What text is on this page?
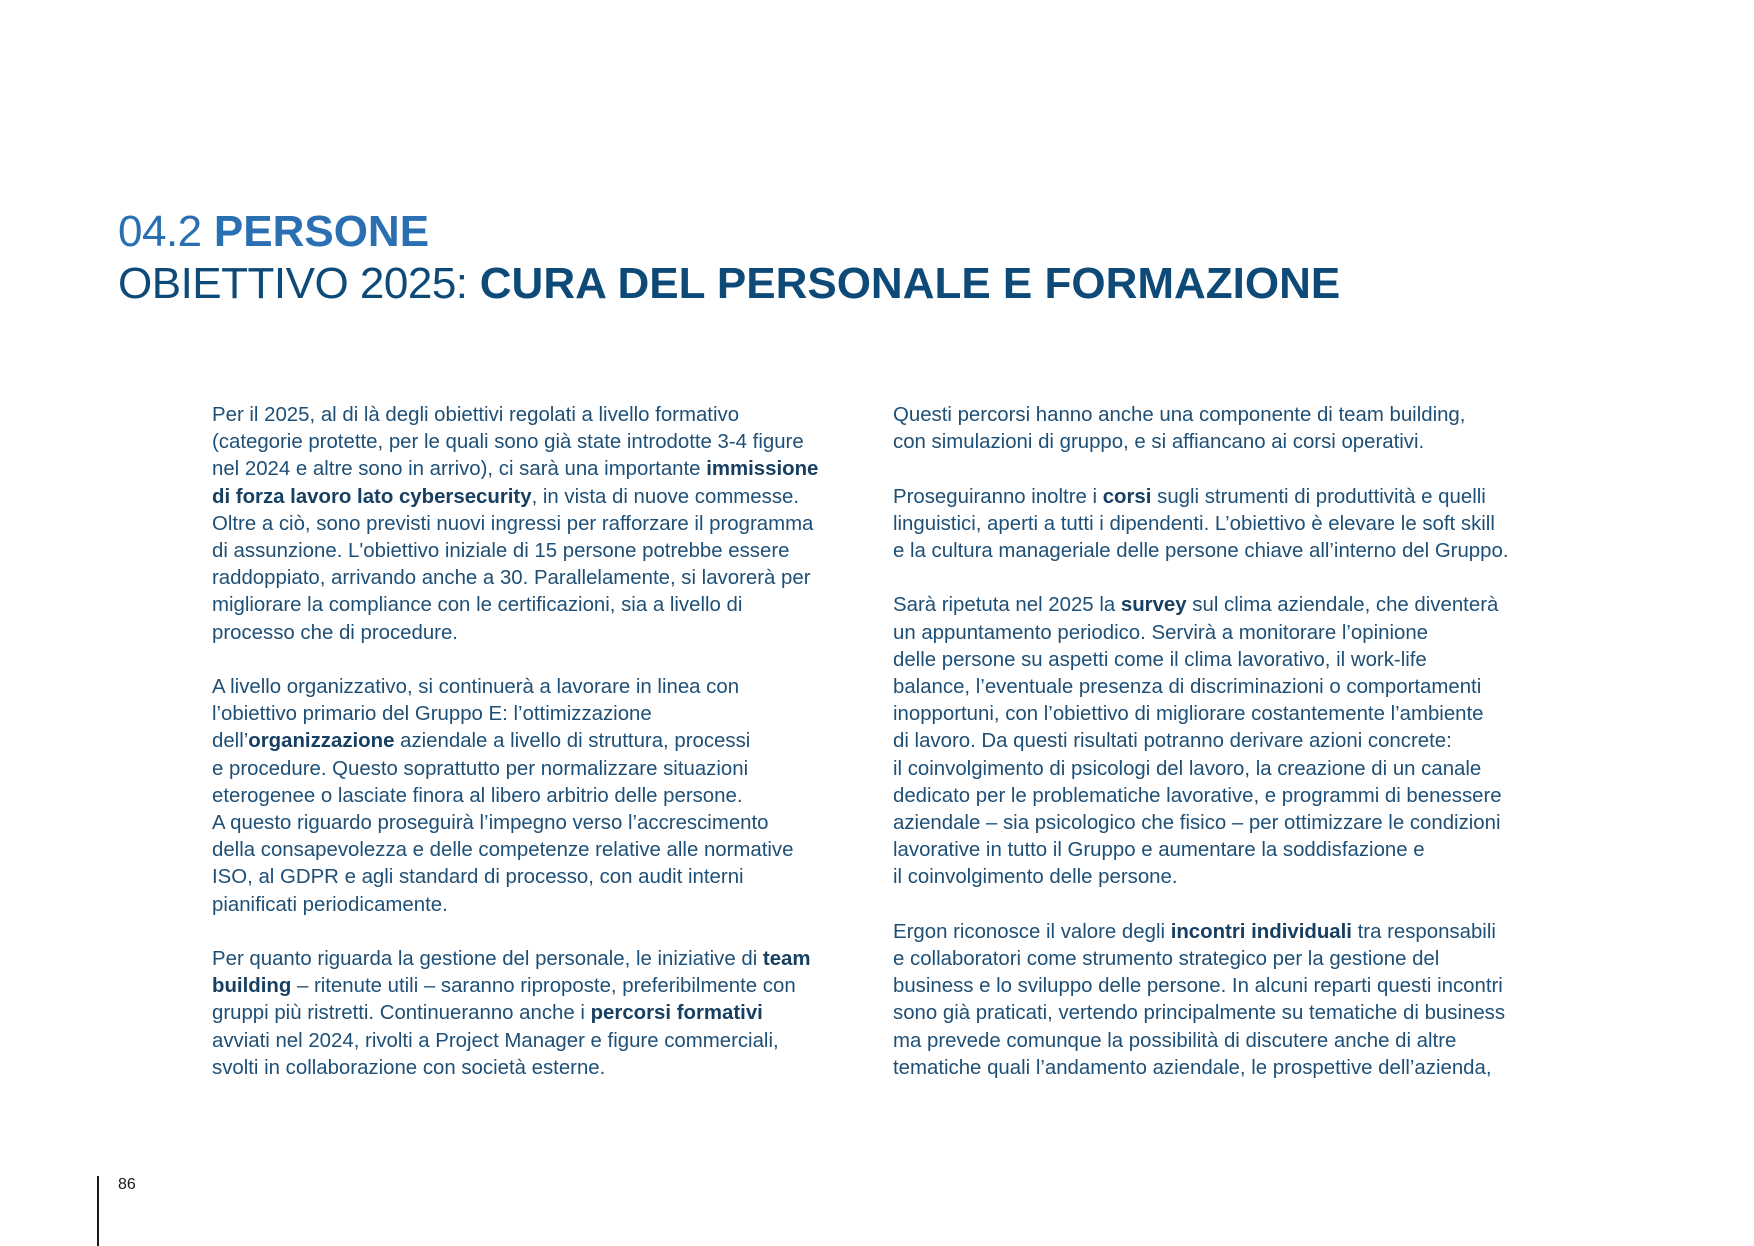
04.2 PERSONE
OBIETTIVO 2025: CURA DEL PERSONALE E FORMAZIONE

Per il 2025, al di là degli obiettivi regolati a livello formativo
(categorie protette, per le quali sono già state introdotte 3-4 figure
nel 2024 e altre sono in arrivo), ci sarà una importante immissione
di forza lavoro lato cybersecurity, in vista di nuove commesse.
Oltre a ciò, sono previsti nuovi ingressi per rafforzare il programma
di assunzione. L'obiettivo iniziale di 15 persone potrebbe essere
raddoppiato, arrivando anche a 30. Parallelamente, si lavorerà per
migliorare la compliance con le certificazioni, sia a livello di
processo che di procedure.

A livello organizzativo, si continuerà a lavorare in linea con
l’obiettivo primario del Gruppo E: l’ottimizzazione
dell’organizzazione aziendale a livello di struttura, processi
e procedure. Questo soprattutto per normalizzare situazioni
eterogenee o lasciate finora al libero arbitrio delle persone.
A questo riguardo proseguirà l’impegno verso l’accrescimento
della consapevolezza e delle competenze relative alle normative
ISO, al GDPR e agli standard di processo, con audit interni
pianificati periodicamente.

Per quanto riguarda la gestione del personale, le iniziative di team
building – ritenute utili – saranno riproposte, preferibilmente con
gruppi più ristretti. Continueranno anche i percorsi formativi
avviati nel 2024, rivolti a Project Manager e figure commerciali,
svolti in collaborazione con società esterne.

Questi percorsi hanno anche una componente di team building,
con simulazioni di gruppo, e si affiancano ai corsi operativi.

Proseguiranno inoltre i corsi sugli strumenti di produttività e quelli
linguistici, aperti a tutti i dipendenti. L’obiettivo è elevare le soft skill
e la cultura manageriale delle persone chiave all’interno del Gruppo.

Sarà ripetuta nel 2025 la survey sul clima aziendale, che diventerà
un appuntamento periodico. Servirà a monitorare l’opinione
delle persone su aspetti come il clima lavorativo, il work-life
balance, l’eventuale presenza di discriminazioni o comportamenti
inopportuni, con l’obiettivo di migliorare costantemente l’ambiente
di lavoro. Da questi risultati potranno derivare azioni concrete:
il coinvolgimento di psicologi del lavoro, la creazione di un canale
dedicato per le problematiche lavorative, e programmi di benessere
aziendale – sia psicologico che fisico – per ottimizzare le condizioni
lavorative in tutto il Gruppo e aumentare la soddisfazione e
il coinvolgimento delle persone.

Ergon riconosce il valore degli incontri individuali tra responsabili
e collaboratori come strumento strategico per la gestione del
business e lo sviluppo delle persone. In alcuni reparti questi incontri
sono già praticati, vertendo principalmente su tematiche di business
ma prevede comunque la possibilità di discutere anche di altre
tematiche quali l’andamento aziendale, le prospettive dell’azienda,

86
